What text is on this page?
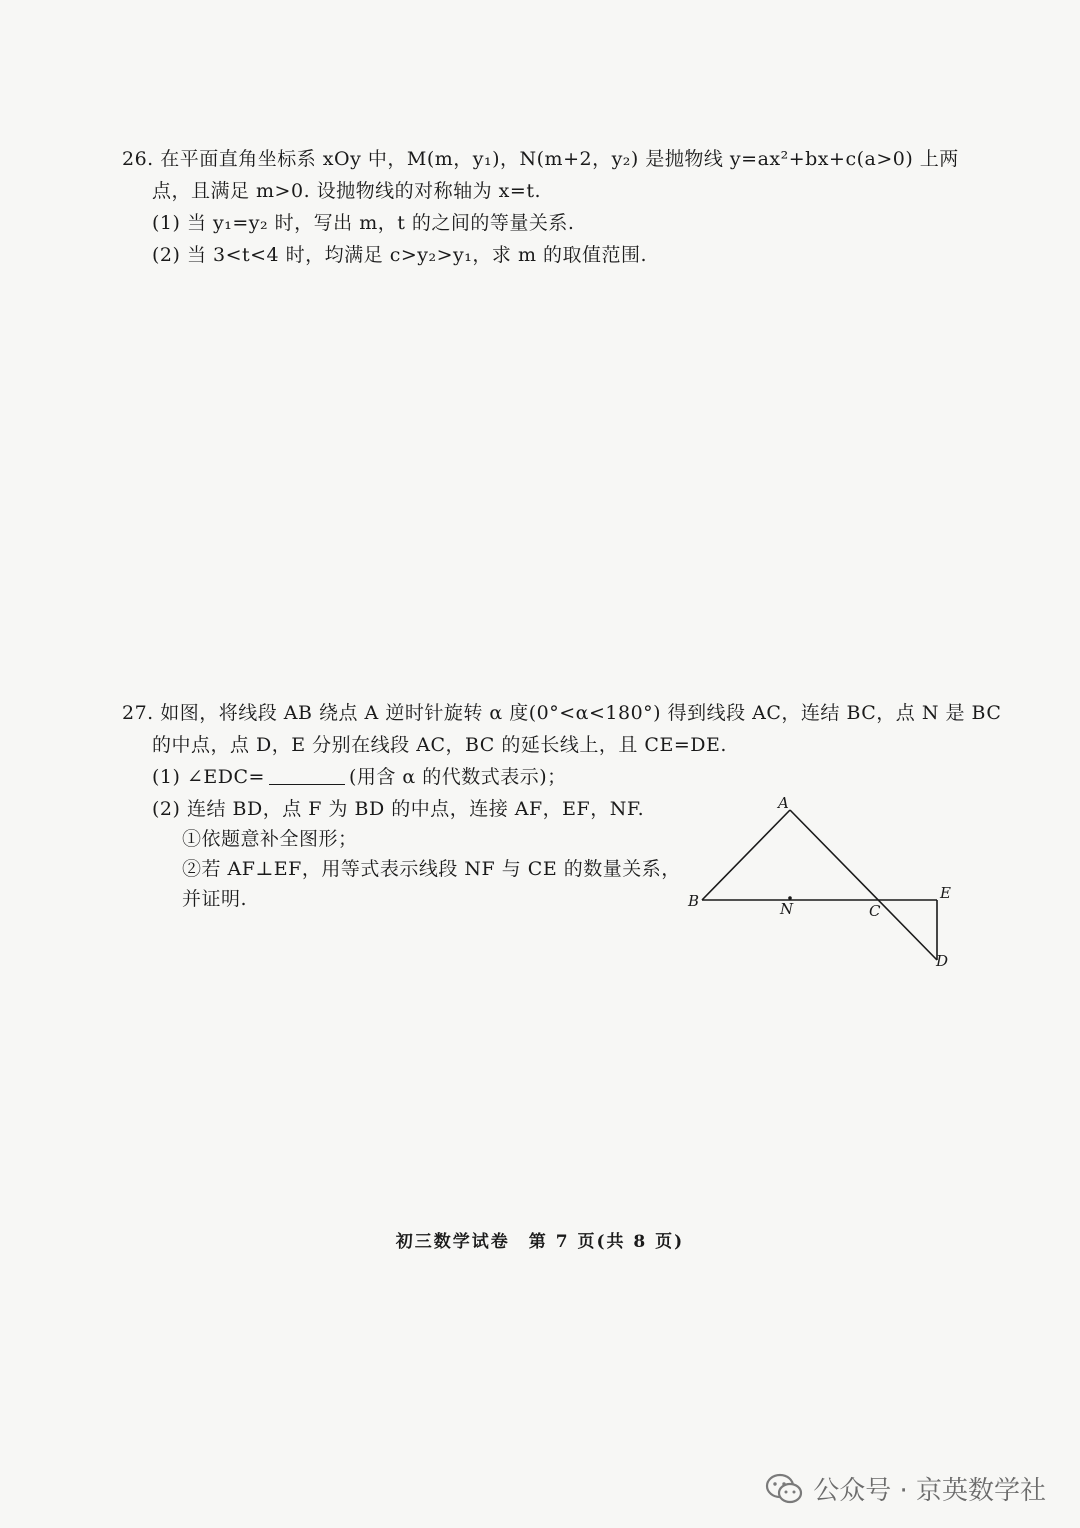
26. 在平面直角坐标系 xOy 中，M(m，y₁)，N(m+2，y₂) 是抛物线 y=ax²+bx+c(a>0) 上两
点，且满足 m>0. 设抛物线的对称轴为 x=t.
(1) 当 y₁=y₂ 时，写出 m，t 的之间的等量关系.
(2) 当 3<t<4 时，均满足 c>y₂>y₁，求 m 的取值范围.
27. 如图，将线段 AB 绕点 A 逆时针旋转 α 度(0°<α<180°) 得到线段 AC，连结 BC，点 N 是 BC
的中点，点 D，E 分别在线段 AC，BC 的延长线上，且 CE=DE.
(1) ∠EDC=	(用含 α 的代数式表示)；
(2) 连结 BD，点 F 为 BD 的中点，连接 AF，EF，NF.
①依题意补全图形；
②若 AF⊥EF，用等式表示线段 NF 与 CE 的数量关系，
并证明.
A
B	N	C
E
D
初三数学试卷　第 7 页(共 8 页)
公众号 · 京英数学社
